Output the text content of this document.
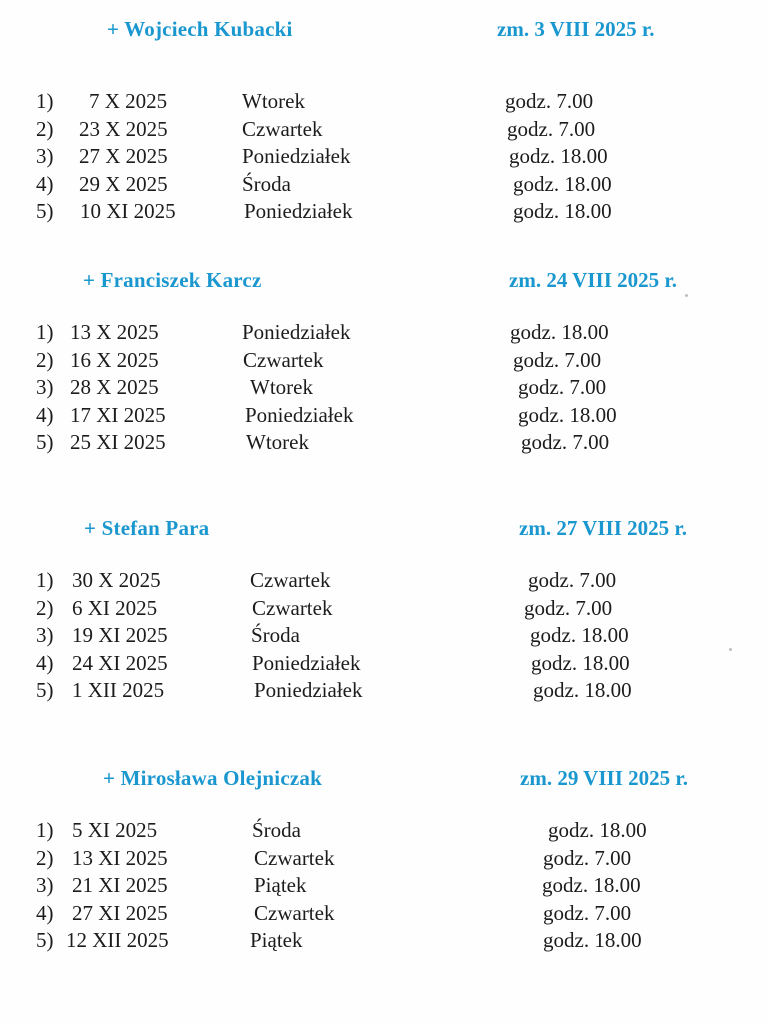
+ Wojciech Kubacki	zm. 3 VIII 2025 r.
1) 7 X 2025	Wtorek	godz. 7.00
2) 23 X 2025	Czwartek	godz. 7.00
3) 27 X 2025	Poniedziałek	godz. 18.00
4) 29 X 2025	Środa	godz. 18.00
5) 10 XI 2025	Poniedziałek	godz. 18.00
+ Franciszek Karcz	zm. 24 VIII 2025 r.
1) 13 X 2025	Poniedziałek	godz. 18.00
2) 16 X 2025	Czwartek	godz. 7.00
3) 28 X 2025	Wtorek	godz. 7.00
4) 17 XI 2025	Poniedziałek	godz. 18.00
5) 25 XI 2025	Wtorek	godz. 7.00
+ Stefan Para	zm. 27 VIII 2025 r.
1) 30 X 2025	Czwartek	godz. 7.00
2) 6 XI 2025	Czwartek	godz. 7.00
3) 19 XI 2025	Środa	godz. 18.00
4) 24 XI 2025	Poniedziałek	godz. 18.00
5) 1 XII 2025	Poniedziałek	godz. 18.00
+ Mirosława Olejniczak	zm. 29 VIII 2025 r.
1) 5 XI 2025	Środa	godz. 18.00
2) 13 XI 2025	Czwartek	godz. 7.00
3) 21 XI 2025	Piątek	godz. 18.00
4) 27 XI 2025	Czwartek	godz. 7.00
5) 12 XII 2025	Piątek	godz. 18.00
